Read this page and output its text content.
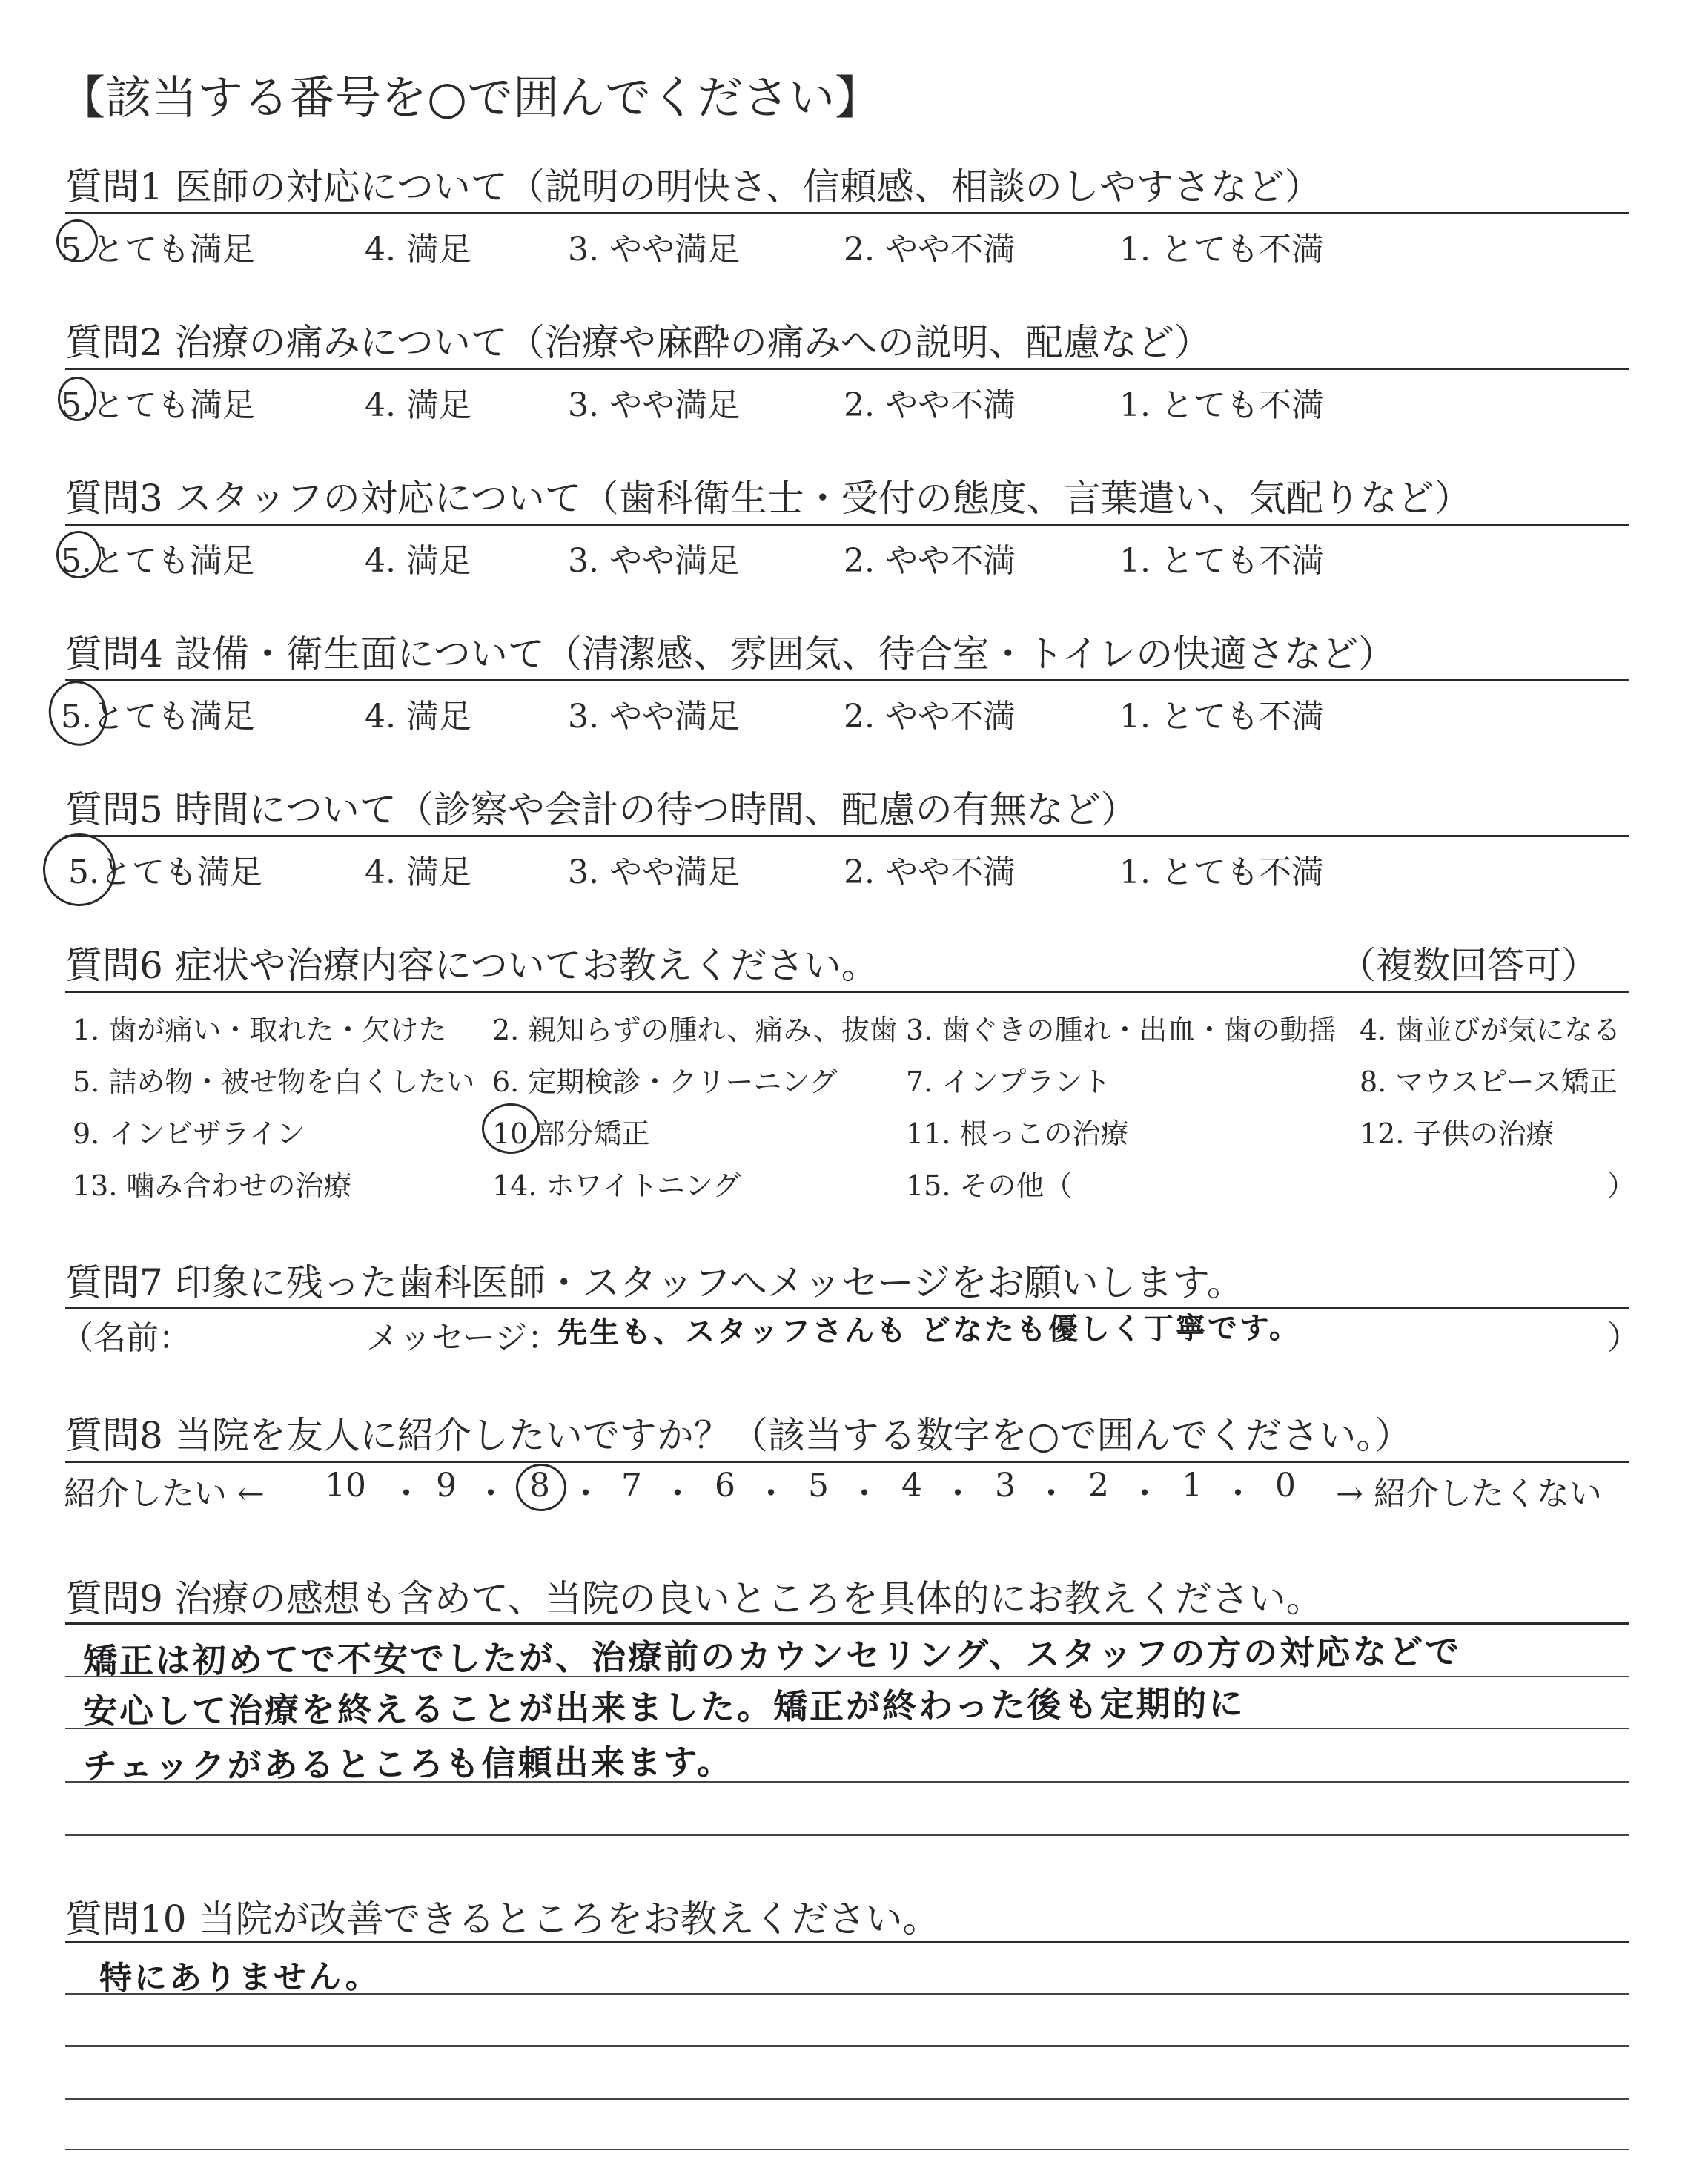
【該当する番号を○で囲んでください】
質問1 医師の対応について（説明の明快さ、信頼感、相談のしやすさなど）
5.とても満足	4. 満足	3. やや満足	2. やや不満	1. とても不満
質問2 治療の痛みについて（治療や麻酔の痛みへの説明、配慮など）
5.とても満足	4. 満足	3. やや満足	2. やや不満	1. とても不満
質問3 スタッフの対応について（歯科衛生士・受付の態度、言葉遣い、気配りなど）
5.とても満足	4. 満足	3. やや満足	2. やや不満	1. とても不満
質問4 設備・衛生面について（清潔感、雰囲気、待合室・トイレの快適さなど）
5.とても満足	4. 満足	3. やや満足	2. やや不満	1. とても不満
質問5 時間について（診察や会計の待つ時間、配慮の有無など）
5.とても満足	4. 満足	3. やや満足	2. やや不満	1. とても不満
質問6 症状や治療内容についてお教えください。	（複数回答可）
1. 歯が痛い・取れた・欠けた 2. 親知らずの腫れ、痛み、抜歯 3. 歯ぐきの腫れ・出血・歯の動揺 4. 歯並びが気になる
5. 詰め物・被せ物を白くしたい 6. 定期検診・クリーニング 7. インプラント	8. マウスピース矯正
9. インビザライン	10.部分矯正	11. 根っこの治療	12. 子供の治療
13. 噛み合わせの治療	14. ホワイトニング	15. その他（	）
質問7 印象に残った歯科医師・スタッフへメッセージをお願いします。
（名前：	メッセージ：
先生も、スタッフさんも どなたも優しく丁寧です。	）
質問8 当院を友人に紹介したいですか？（該当する数字を○で囲んでください。）
紹介したい ← 10 ・ 9 ・ 8 ・ 7 ・ 6 ・ 5 ・ 4 ・ 3 ・ 2 ・ 1 ・ 0 → 紹介したくない
質問9 治療の感想も含めて、当院の良いところを具体的にお教えください。
矯正は初めてで不安でしたが、治療前のカウンセリング、スタッフの方の対応などで
安心して治療を終えることが出来ました。矯正が終わった後も定期的に
チェックがあるところも信頼出来ます。
質問10 当院が改善できるところをお教えください。
特にありません。
